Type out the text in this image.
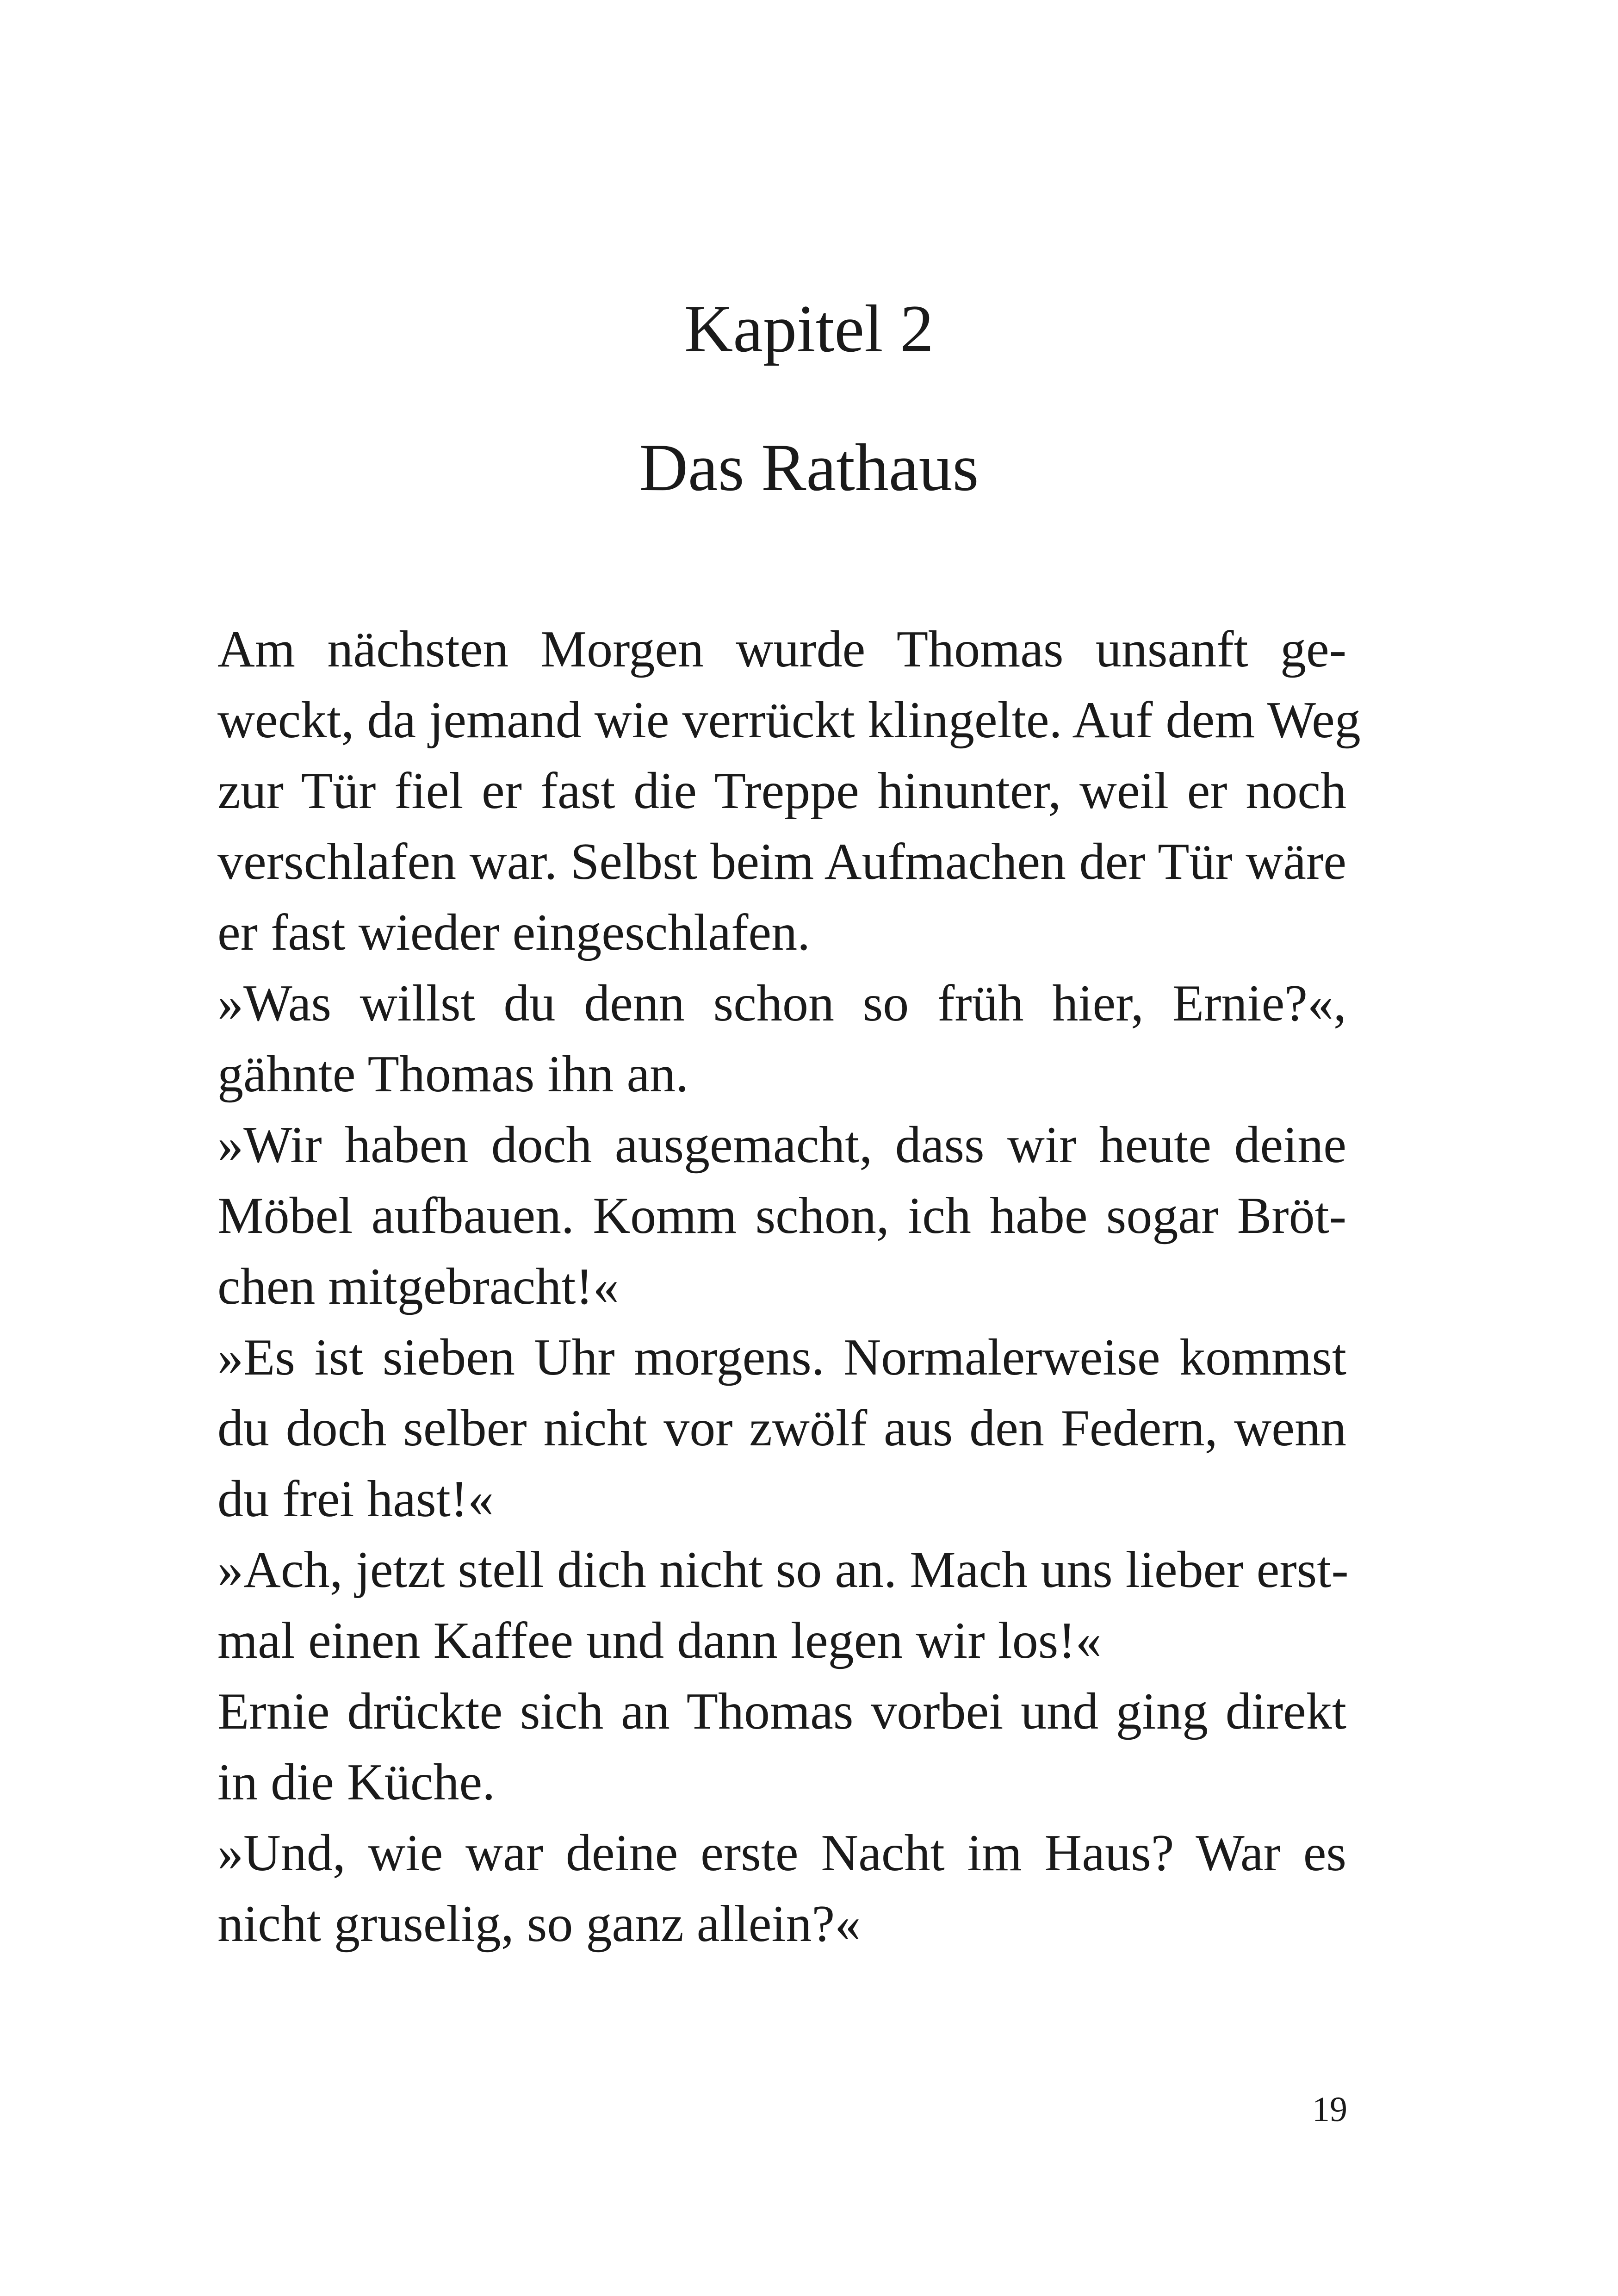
Kapitel 2
Das Rathaus
Am nächsten Morgen wurde Thomas unsanft ge-
weckt, da jemand wie verrückt klingelte. Auf dem Weg
zur Tür fiel er fast die Treppe hinunter, weil er noch
verschlafen war. Selbst beim Aufmachen der Tür wäre
er fast wieder eingeschlafen.
»Was willst du denn schon so früh hier, Ernie?«,
gähnte Thomas ihn an.
»Wir haben doch ausgemacht, dass wir heute deine
Möbel aufbauen. Komm schon, ich habe sogar Bröt-
chen mitgebracht!«
»Es ist sieben Uhr morgens. Normalerweise kommst
du doch selber nicht vor zwölf aus den Federn, wenn
du frei hast!«
»Ach, jetzt stell dich nicht so an. Mach uns lieber erst-
mal einen Kaffee und dann legen wir los!«
Ernie drückte sich an Thomas vorbei und ging direkt
in die Küche.
»Und, wie war deine erste Nacht im Haus? War es
nicht gruselig, so ganz allein?«
19
